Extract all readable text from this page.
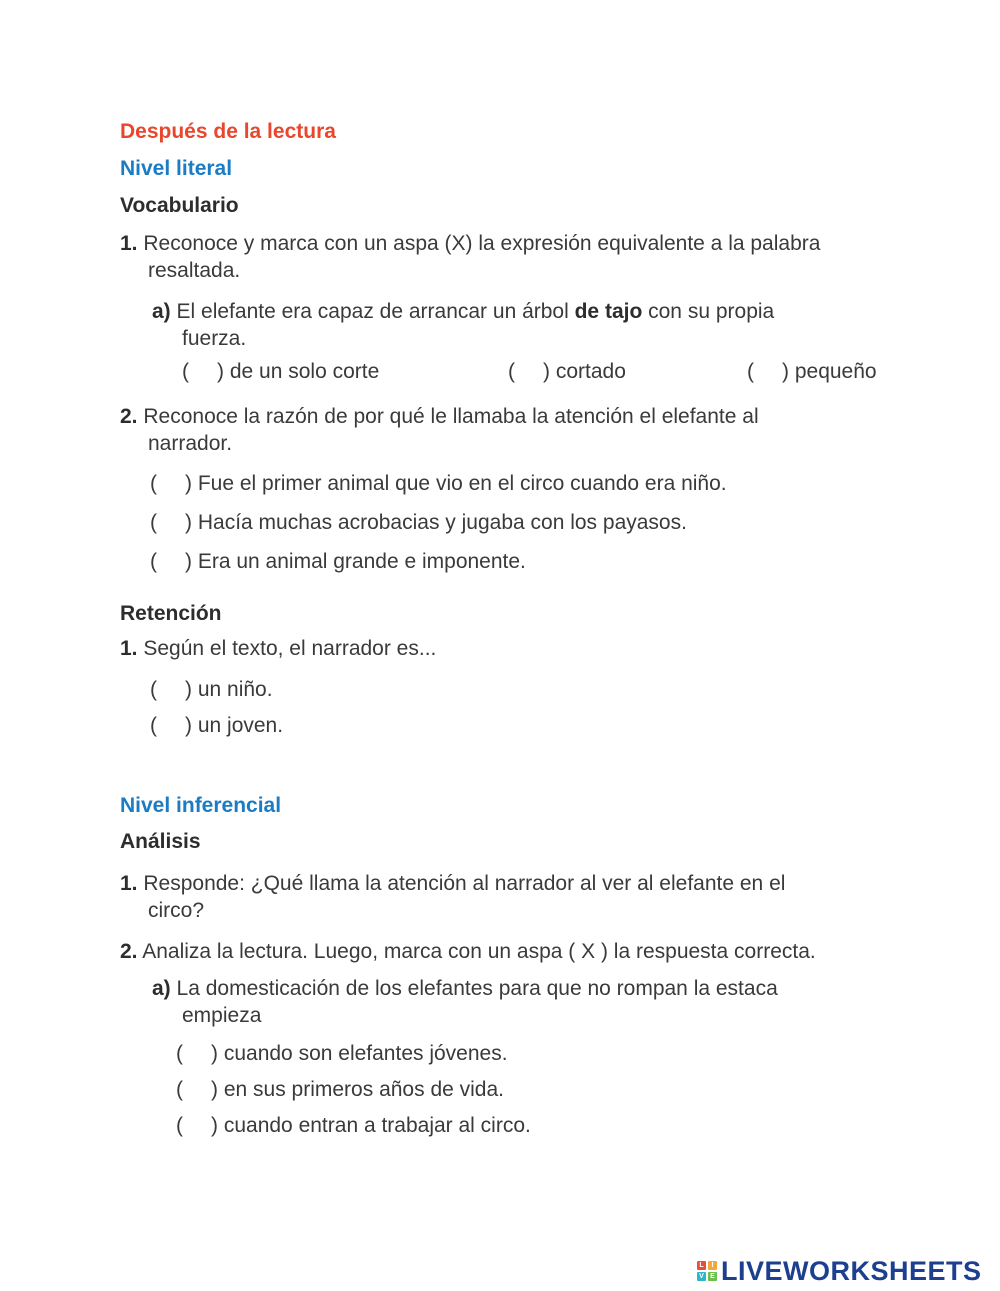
Después de la lectura
Nivel literal
Vocabulario
1. Reconoce y marca con un aspa (X) la expresión equivalente a la palabra
resaltada.
a) El elefante era capaz de arrancar un árbol de tajo con su propia
fuerza.
( ) de un solo corte	( ) cortado	( ) pequeño
2. Reconoce la razón de por qué le llamaba la atención el elefante al
narrador.
( ) Fue el primer animal que vio en el circo cuando era niño.
( ) Hacía muchas acrobacias y jugaba con los payasos.
( ) Era un animal grande e imponente.
Retención
1. Según el texto, el narrador es...
( ) un niño.
( ) un joven.
Nivel inferencial
Análisis
1. Responde: ¿Qué llama la atención al narrador al ver al elefante en el
circo?
2. Analiza la lectura. Luego, marca con un aspa ( X ) la respuesta correcta.
a) La domesticación de los elefantes para que no rompan la estaca
empieza
( ) cuando son elefantes jóvenes.
( ) en sus primeros años de vida.
( ) cuando entran a trabajar al circo.
L	I
V E LIVEWORKSHEETS
